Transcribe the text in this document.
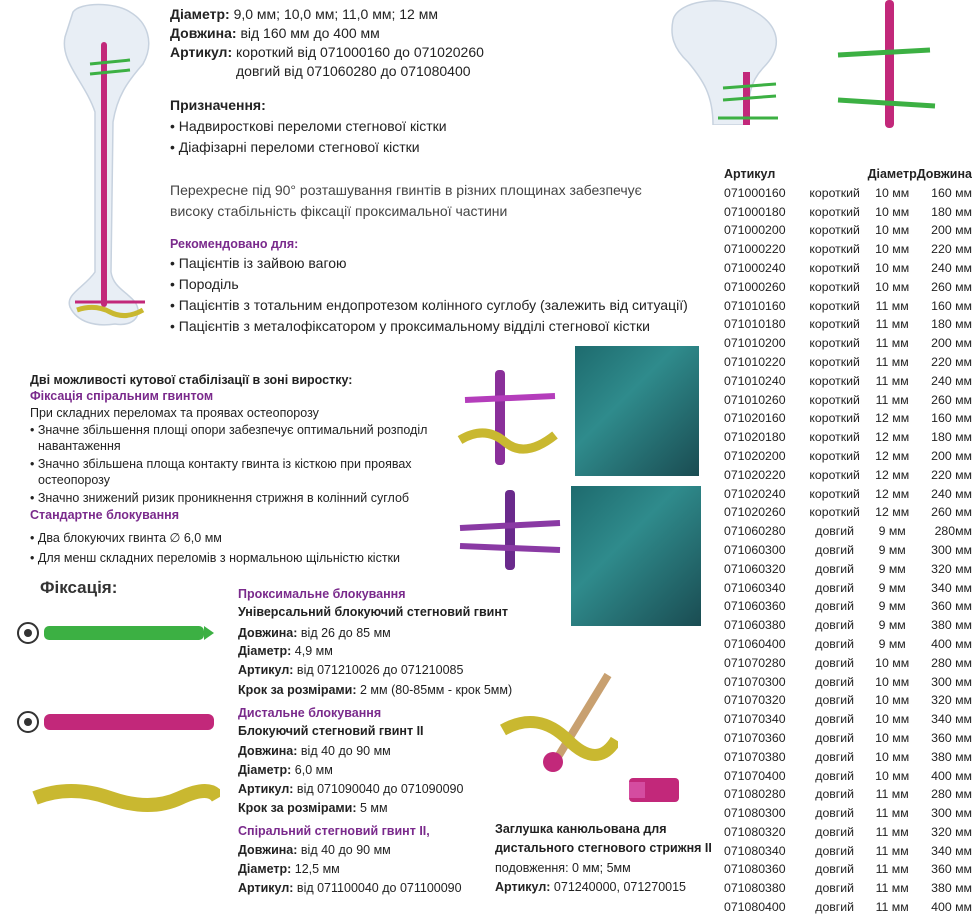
Діаметр: 9,0 мм; 10,0 мм; 11,0 мм; 12 мм
Довжина: від 160 мм до 400 мм
Артикул: короткий від 071000160 до 071020260
довгий від 071060280 до 071080400
Призначення:
• Надвиросткові переломи стегнової кістки
• Діафізарні переломи стегнової кістки
Перехресне під 90° розташування гвинтів в різних площинах забезпечує
високу стабільність фіксації проксимальної частини
Рекомендовано для:
• Пацієнтів із зайвою вагою
• Породіль
• Пацієнтів з тотальним ендопротезом колінного суглобу (залежить від ситуації)
• Пацієнтів з металофіксатором у проксимальному відділі стегнової кістки
Артикул		Діаметр	Довжина
071000160	короткий	10 мм	160 мм
071000180	короткий	10 мм	180 мм
071000200	короткий	10 мм	200 мм
071000220	короткий	10 мм	220 мм
071000240	короткий	10 мм	240 мм
071000260	короткий	10 мм	260 мм
071010160	короткий	11 мм	160 мм
071010180	короткий	11 мм	180 мм
071010200	короткий	11 мм	200 мм
071010220	короткий	11 мм	220 мм
071010240	короткий	11 мм	240 мм
071010260	короткий	11 мм	260 мм
071020160	короткий	12 мм	160 мм
071020180	короткий	12 мм	180 мм
071020200	короткий	12 мм	200 мм
071020220	короткий	12 мм	220 мм
071020240	короткий	12 мм	240 мм
071020260	короткий	12 мм	260 мм
071060280	довгий	9 мм	280мм
071060300	довгий	9 мм	300 мм
071060320	довгий	9 мм	320 мм
071060340	довгий	9 мм	340 мм
071060360	довгий	9 мм	360 мм
071060380	довгий	9 мм	380 мм
071060400	довгий	9 мм	400 мм
071070280	довгий	10 мм	280 мм
071070300	довгий	10 мм	300 мм
071070320	довгий	10 мм	320 мм
071070340	довгий	10 мм	340 мм
071070360	довгий	10 мм	360 мм
071070380	довгий	10 мм	380 мм
071070400	довгий	10 мм	400 мм
071080280	довгий	11 мм	280 мм
071080300	довгий	11 мм	300 мм
071080320	довгий	11 мм	320 мм
071080340	довгий	11 мм	340 мм
071080360	довгий	11 мм	360 мм
071080380	довгий	11 мм	380 мм
071080400	довгий	11 мм	400 мм
Дві можливості кутової стабілізації в зоні виростку:
Фіксація спіральним гвинтом
При складних переломах та проявах остеопорозу
• Значне збільшення площі опори забезпечує оптимальний розподіл
навантаження
• Значно збільшена площа контакту гвинта із кісткою при проявах
остеопорозу
• Значно знижений ризик проникнення стрижня в колінний суглоб
Стандартне блокування
• Два блокуючих гвинта ∅ 6,0 мм
• Для менш складних переломів з нормальною щільністю кістки
Фіксація:	Проксимальне блокування
Універсальний блокуючий стегновий гвинт
Довжина: від 26 до 85 мм
Діаметр: 4,9 мм
Артикул: від 071210026 до 071210085
Крок за розмірами: 2 мм (80-85мм - крок 5мм)
Дистальне блокування
Блокуючий стегновий гвинт ІІ
Довжина: від 40 до 90 мм
Діаметр: 6,0 мм
Артикул: від 071090040 до 071090090
Крок за розмірами: 5 мм
Спіральний стегновий гвинт ІІ,
Довжина: від 40 до 90 мм
Діаметр: 12,5 мм
Артикул: від 071100040 до 071100090
Заглушка канюльована для
дистального стегнового стрижня ІІ
подовження: 0 мм; 5мм
Артикул: 071240000, 071270015
